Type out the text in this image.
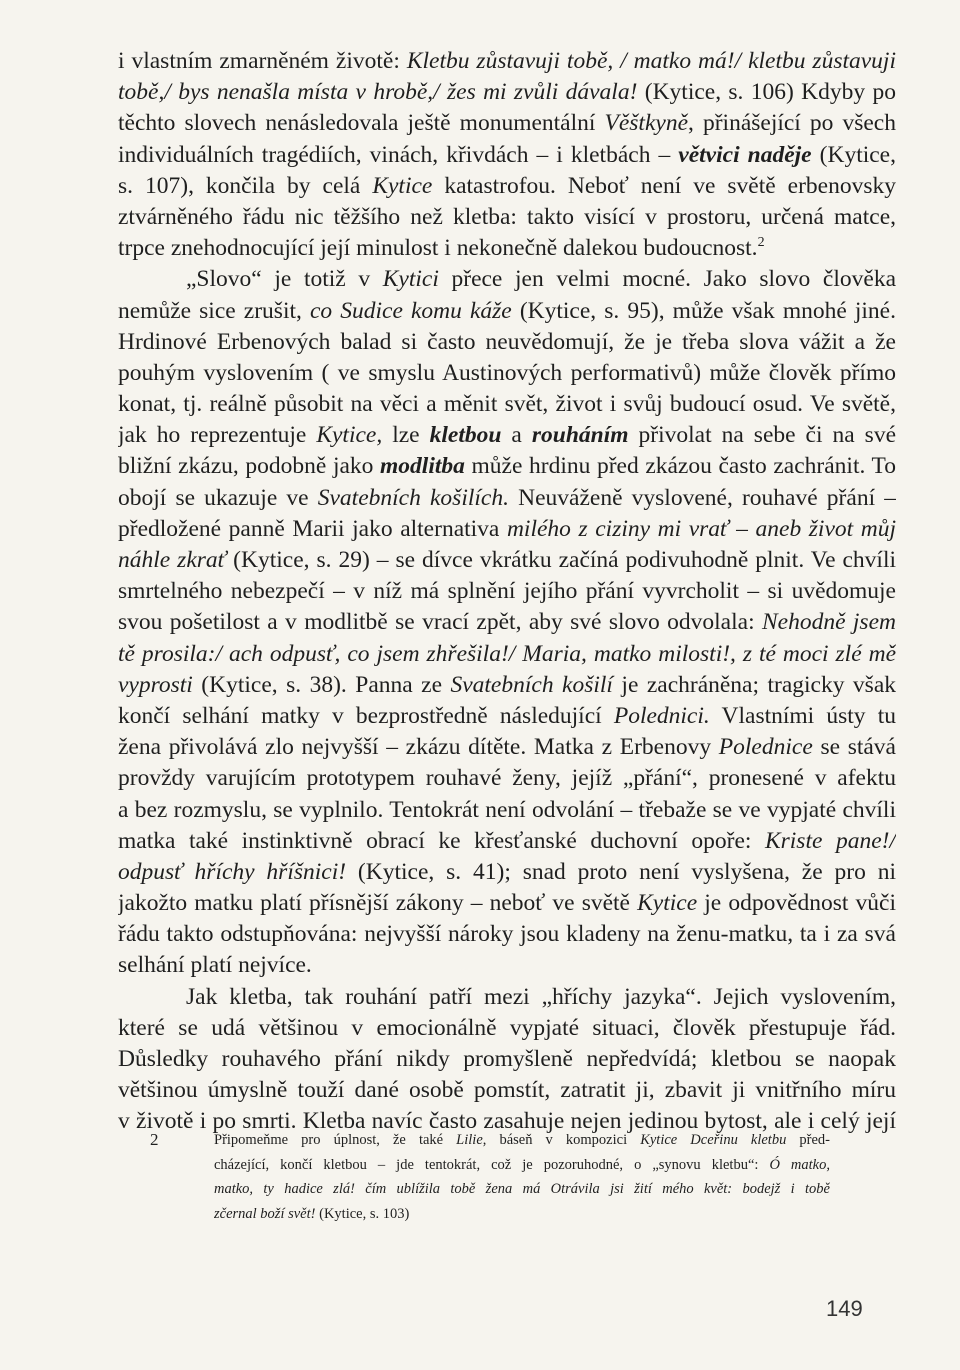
i vlastním zmarněném životě: Kletbu zůstavuji tobě, / matko má!/ kletbu zůstavuji
tobě,/ bys nenašla místa v hrobě,/ žes mi zvůli dávala! (Kytice, s. 106) Kdyby po
těchto slovech nenásledovala ještě monumentální Věštkyně, přinášející po všech
individuálních tragédiích, vinách, křivdách – i kletbách – větvici naděje (Kytice,
s. 107), končila by celá Kytice katastrofou. Neboť není ve světě erbenovsky
ztvárněného řádu nic těžšího než kletba: takto visící v prostoru, určená matce,
trpce znehodnocující její minulost i nekonečně dalekou budoucnost.$^2$
„Slovo“ je totiž v Kytici přece jen velmi mocné. Jako slovo člověka
nemůže sice zrušit, co Sudice komu káže (Kytice, s. 95), může však mnohé jiné.
Hrdinové Erbenových balad si často neuvědomují, že je třeba slova vážit a že
pouhým vyslovením ( ve smyslu Austinových performativů) může člověk přímo
konat, tj. reálně působit na věci a měnit svět, život i svůj budoucí osud. Ve světě,
jak ho reprezentuje Kytice, lze kletbou a rouháním přivolat na sebe či na své
bližní zkázu, podobně jako modlitba může hrdinu před zkázou často zachránit. To
obojí se ukazuje ve Svatebních košilích. Neuváženě vyslovené, rouhavé přání –
předložené panně Marii jako alternativa milého z ciziny mi vrať – aneb život můj
náhle zkrať (Kytice, s. 29) – se dívce vkrátku začíná podivuhodně plnit. Ve chvíli
smrtelného nebezpečí – v níž má splnění jejího přání vyvrcholit – si uvědomuje
svou pošetilost a v modlitbě se vrací zpět, aby své slovo odvolala: Nehodně jsem
tě prosila:/ ach odpusť, co jsem zhřešila!/ Maria, matko milosti!, z té moci zlé mě
vyprosti (Kytice, s. 38). Panna ze Svatebních košilí je zachráněna; tragicky však
končí selhání matky v bezprostředně následující Polednici. Vlastními ústy tu
žena přivolává zlo nejvyšší – zkázu dítěte. Matka z Erbenovy Polednice se stává
provždy varujícím prototypem rouhavé ženy, jejíž „přání“, pronesené v afektu
a bez rozmyslu, se vyplnilo. Tentokrát není odvolání – třebaže se ve vypjaté chvíli
matka také instinktivně obrací ke křesťanské duchovní opoře: Kriste pane!/
odpusť hříchy hříšnici! (Kytice, s. 41); snad proto není vyslyšena, že pro ni
jakožto matku platí přísnější zákony – neboť ve světě Kytice je odpovědnost vůči
řádu takto odstupňována: nejvyšší nároky jsou kladeny na ženu-matku, ta i za svá
selhání platí nejvíce.
Jak kletba, tak rouhání patří mezi „hříchy jazyka“. Jejich vyslovením,
které se udá většinou v emocionálně vypjaté situaci, člověk přestupuje řád.
Důsledky rouhavého přání nikdy promyšleně nepředvídá; kletbou se naopak
většinou úmyslně touží dané osobě pomstít, zatratit ji, zbavit ji vnitřního míru
v životě i po smrti. Kletba navíc často zasahuje nejen jedinou bytost, ale i celý její
2	Připomeňme pro úplnost, že také Lilie, báseň v kompozici Kytice Dceřinu kletbu před-
cházející, končí kletbou – jde tentokrát, což je pozoruhodné, o „synovu kletbu“: Ó matko,
matko, ty hadice zlá! čím ublížila tobě žena má Otrávila jsi žití mého květ: bodejž i tobě
zčernal boží svět! (Kytice, s. 103)
149
